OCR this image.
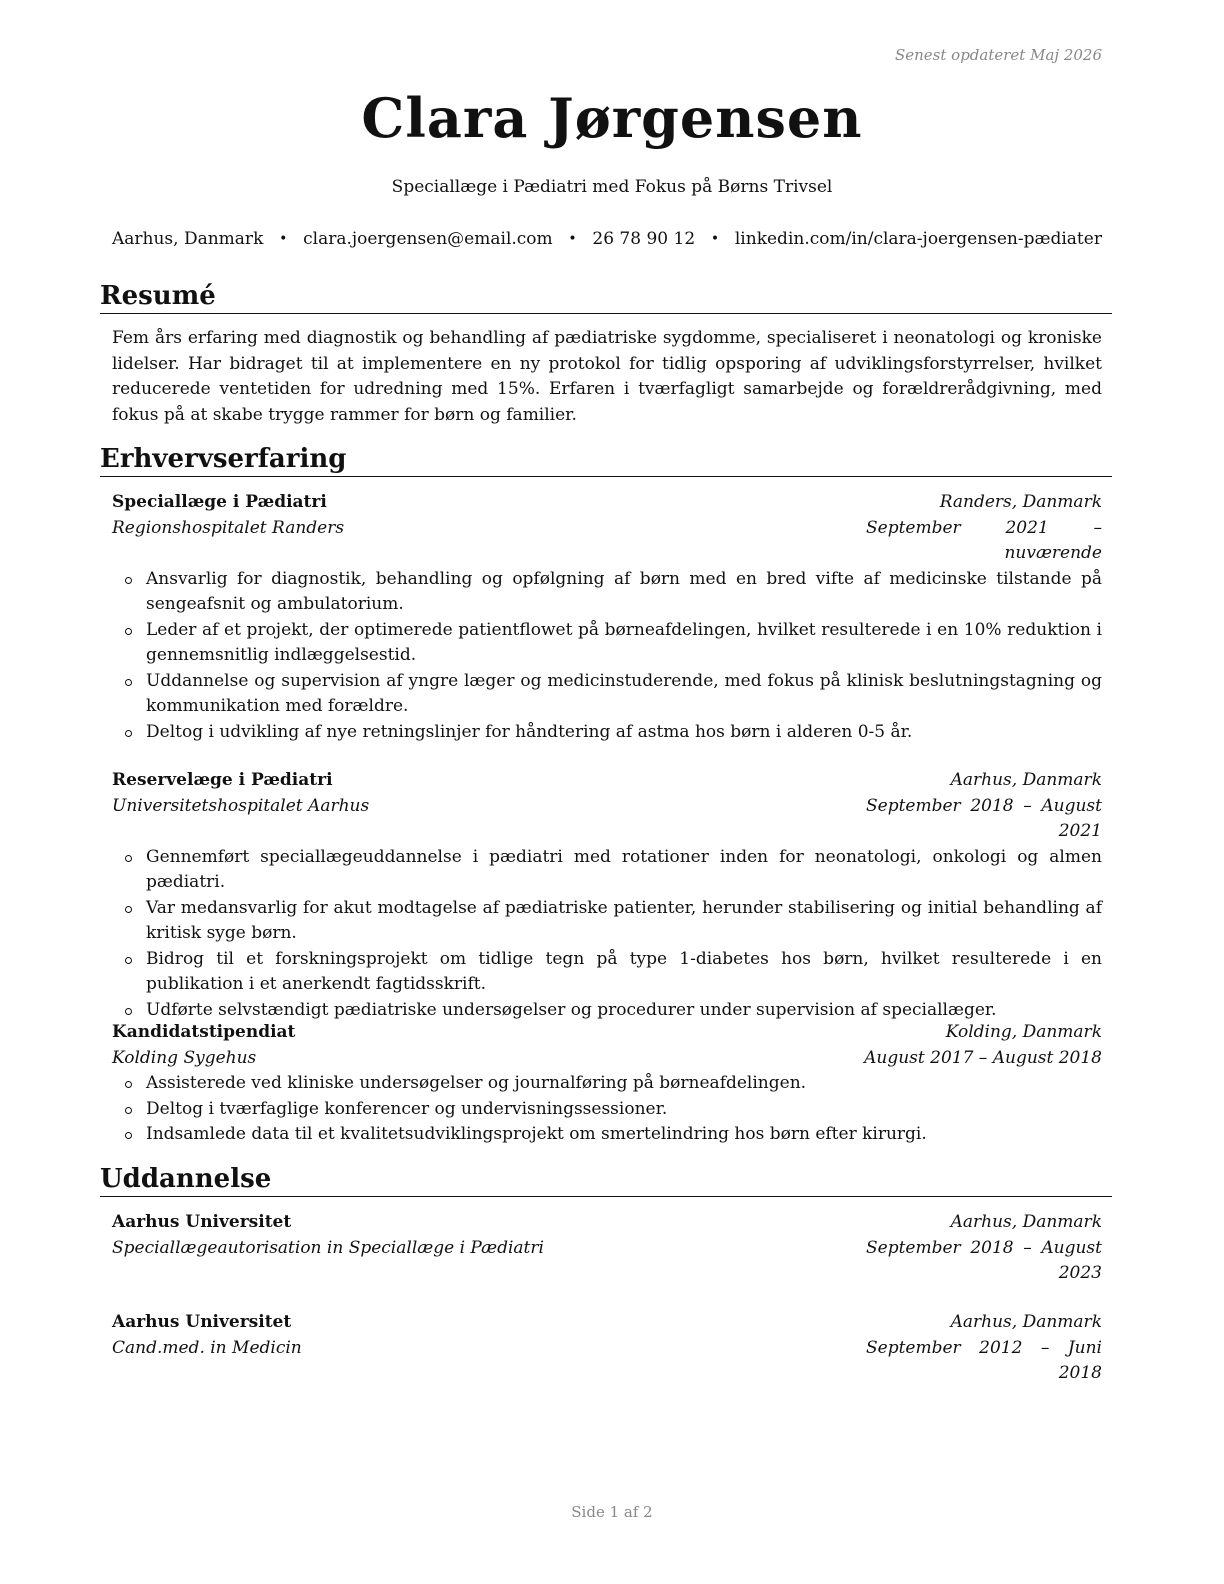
Senest opdateret Maj 2026
Clara Jørgensen
Speciallæge i Pædiatri med Fokus på Børns Trivsel
Aarhus, Danmark • clara.joergensen@email.com • 26 78 90 12 • linkedin.com/in/clara-joergensen-pædiater
Resumé

Fem års erfaring med diagnostik og behandling af pædiatriske sygdomme, specialiseret i neonatologi og kroniske lidelser. Har bidraget til at implementere en ny protokol for tidlig opsporing af udviklingsforstyrrelser, hvilket reducerede ventetiden for udredning med 15%. Erfaren i tværfagligt samarbejde og forældrerådgivning, med fokus på at skabe trygge rammer for børn og familier.

Erhvervserfaring
Speciallæge i Pædiatri	Randers, Danmark
Regionshospitalet Randers	September 2021 – nuværende
Ansvarlig for diagnostik, behandling og opfølgning af børn med en bred vifte af medicinske tilstande på sengeafsnit og ambulatorium.
Leder af et projekt, der optimerede patientflowet på børneafdelingen, hvilket resulterede i en 10% reduktion i gennemsnitlig indlæggelsestid.
Uddannelse og supervision af yngre læger og medicinstuderende, med fokus på klinisk beslutningstagning og kommunikation med forældre.
Deltog i udvikling af nye retningslinjer for håndtering af astma hos børn i alderen 0-5 år.
Reservelæge i Pædiatri	Aarhus, Danmark
Universitetshospitalet Aarhus	September 2018 – August 2021
Gennemført speciallægeuddannelse i pædiatri med rotationer inden for neonatologi, onkologi og almen pædiatri.
Var medansvarlig for akut modtagelse af pædiatriske patienter, herunder stabilisering og initial behandling af kritisk syge børn.
Bidrog til et forskningsprojekt om tidlige tegn på type 1-diabetes hos børn, hvilket resulterede i en publikation i et anerkendt fagtidsskrift.
Udførte selvstændigt pædiatriske undersøgelser og procedurer under supervision af speciallæger.
Kandidatstipendiat	Kolding, Danmark
Kolding Sygehus	August 2017 – August 2018
Assisterede ved kliniske undersøgelser og journalføring på børneafdelingen.
Deltog i tværfaglige konferencer og undervisningssessioner.
Indsamlede data til et kvalitetsudviklingsprojekt om smertelindring hos børn efter kirurgi.
Uddannelse
Aarhus Universitet	Aarhus, Danmark
Speciallægeautorisation in Speciallæge i Pædiatri	September 2018 – August 2023
Aarhus Universitet	Aarhus, Danmark
Cand.med. in Medicin	September 2012 – Juni 2018
Side 1 af 2
